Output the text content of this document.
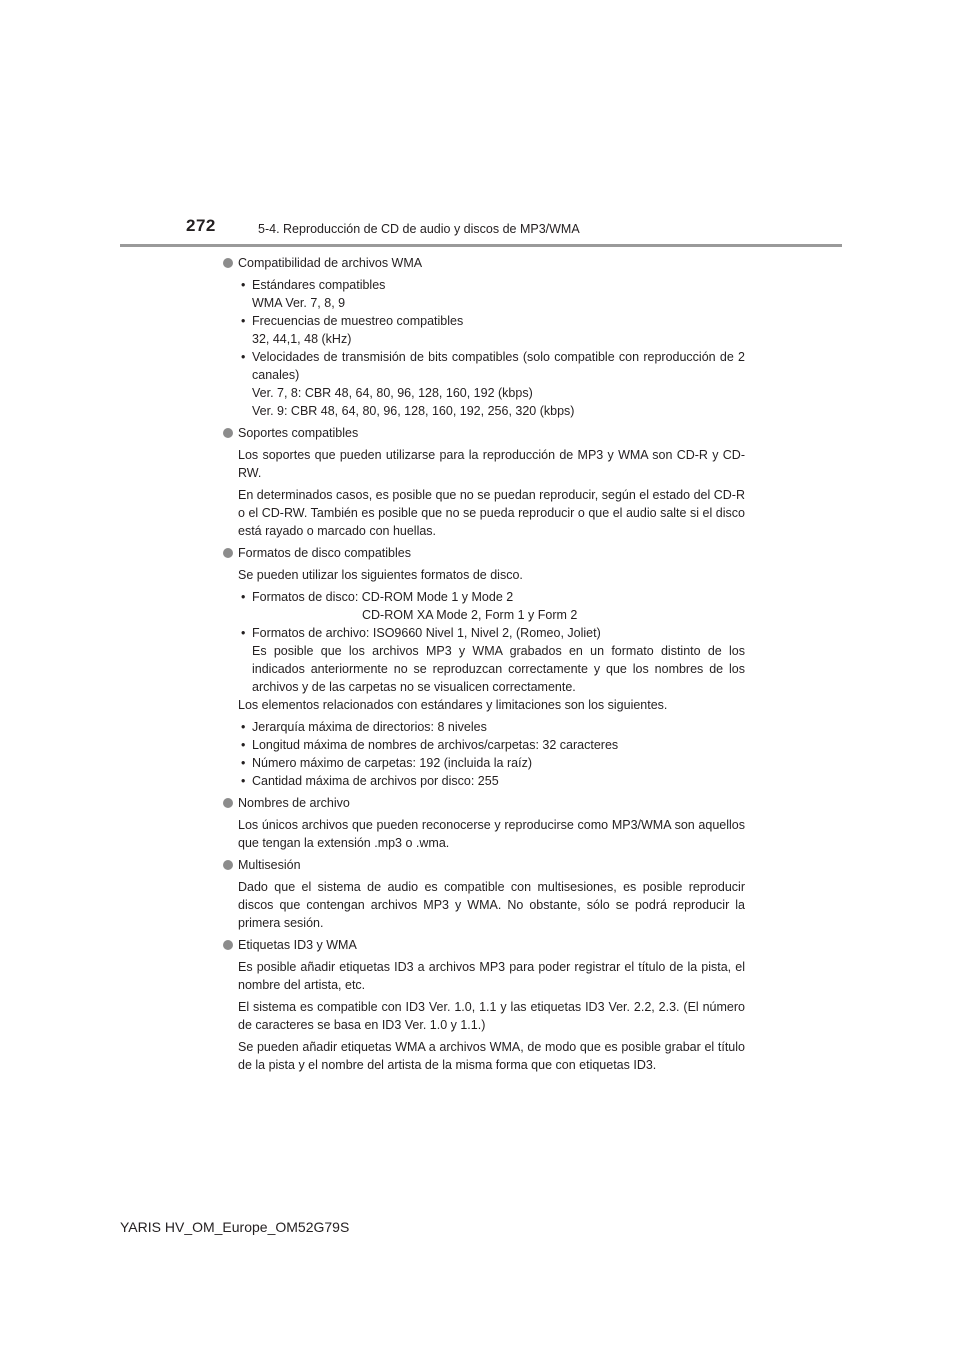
272	5-4. Reproducción de CD de audio y discos de MP3/WMA
Compatibilidad de archivos WMA
• Estándares compatibles
WMA Ver. 7, 8, 9
• Frecuencias de muestreo compatibles
32, 44,1, 48 (kHz)
• Velocidades de transmisión de bits compatibles (solo compatible con reproducción de 2 canales)
Ver. 7, 8: CBR 48, 64, 80, 96, 128, 160, 192 (kbps)
Ver. 9: CBR 48, 64, 80, 96, 128, 160, 192, 256, 320 (kbps)
Soportes compatibles

Los soportes que pueden utilizarse para la reproducción de MP3 y WMA son CD-R y CD-RW.

En determinados casos, es posible que no se puedan reproducir, según el estado del CD-R o el CD-RW. También es posible que no se pueda reproducir o que el audio salte si el disco está rayado o marcado con huellas.

Formatos de disco compatibles

Se pueden utilizar los siguientes formatos de disco.

• Formatos de disco: CD-ROM Mode 1 y Mode 2
CD-ROM XA Mode 2, Form 1 y Form 2
• Formatos de archivo: ISO9660 Nivel 1, Nivel 2, (Romeo, Joliet)
Es posible que los archivos MP3 y WMA grabados en un formato distinto de los indicados anteriormente no se reproduzcan correctamente y que los nombres de los archivos y de las carpetas no se visualicen correctamente.

Los elementos relacionados con estándares y limitaciones son los siguientes.

• Jerarquía máxima de directorios: 8 niveles
• Longitud máxima de nombres de archivos/carpetas: 32 caracteres
• Número máximo de carpetas: 192 (incluida la raíz)
• Cantidad máxima de archivos por disco: 255
Nombres de archivo

Los únicos archivos que pueden reconocerse y reproducirse como MP3/WMA son aquellos que tengan la extensión .mp3 o .wma.

Multisesión

Dado que el sistema de audio es compatible con multisesiones, es posible reproducir discos que contengan archivos MP3 y WMA. No obstante, sólo se podrá reproducir la primera sesión.

Etiquetas ID3 y WMA

Es posible añadir etiquetas ID3 a archivos MP3 para poder registrar el título de la pista, el nombre del artista, etc.

El sistema es compatible con ID3 Ver. 1.0, 1.1 y las etiquetas ID3 Ver. 2.2, 2.3. (El número de caracteres se basa en ID3 Ver. 1.0 y 1.1.)

Se pueden añadir etiquetas WMA a archivos WMA, de modo que es posible grabar el título de la pista y el nombre del artista de la misma forma que con etiquetas ID3.

YARIS HV_OM_Europe_OM52G79S
